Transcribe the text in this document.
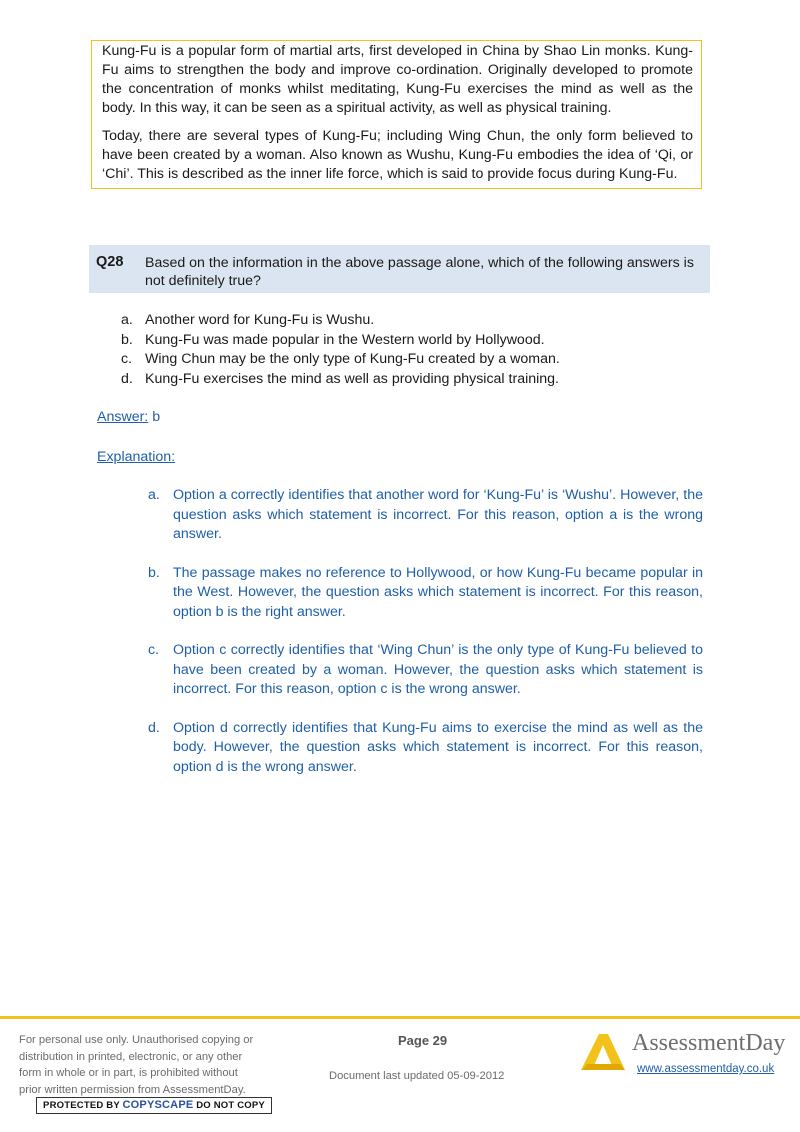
Kung-Fu is a popular form of martial arts, first developed in China by Shao Lin monks. Kung-Fu aims to strengthen the body and improve co-ordination. Originally developed to promote the concentration of monks whilst meditating, Kung-Fu exercises the mind as well as the body. In this way, it can be seen as a spiritual activity, as well as physical training.

Today, there are several types of Kung-Fu; including Wing Chun, the only form believed to have been created by a woman. Also known as Wushu, Kung-Fu embodies the idea of ‘Qi, or ‘Chi’. This is described as the inner life force, which is said to provide focus during Kung-Fu.

Q28 Based on the information in the above passage alone, which of the following answers is not definitely true?
a. Another word for Kung-Fu is Wushu.
b. Kung-Fu was made popular in the Western world by Hollywood.
c. Wing Chun may be the only type of Kung-Fu created by a woman.
d. Kung-Fu exercises the mind as well as providing physical training.
Answer: b
Explanation:
a. Option a correctly identifies that another word for ‘Kung-Fu’ is ‘Wushu’. However, the question asks which statement is incorrect. For this reason, option a is the wrong answer.
b. The passage makes no reference to Hollywood, or how Kung-Fu became popular in the West. However, the question asks which statement is incorrect. For this reason, option b is the right answer.
c. Option c correctly identifies that ‘Wing Chun’ is the only type of Kung-Fu believed to have been created by a woman. However, the question asks which statement is incorrect. For this reason, option c is the wrong answer.
d. Option d correctly identifies that Kung-Fu aims to exercise the mind as well as the body. However, the question asks which statement is incorrect. For this reason, option d is the wrong answer.
For personal use only. Unauthorised copying or
distribution in printed, electronic, or any other
form in whole or in part, is prohibited without
prior written permission from AssessmentDay.
PROTECTED BY COPYSCAPE DO NOT COPY
Page 29
Document last updated 05-09-2012
AssessmentDay
www.assessmentday.co.uk
